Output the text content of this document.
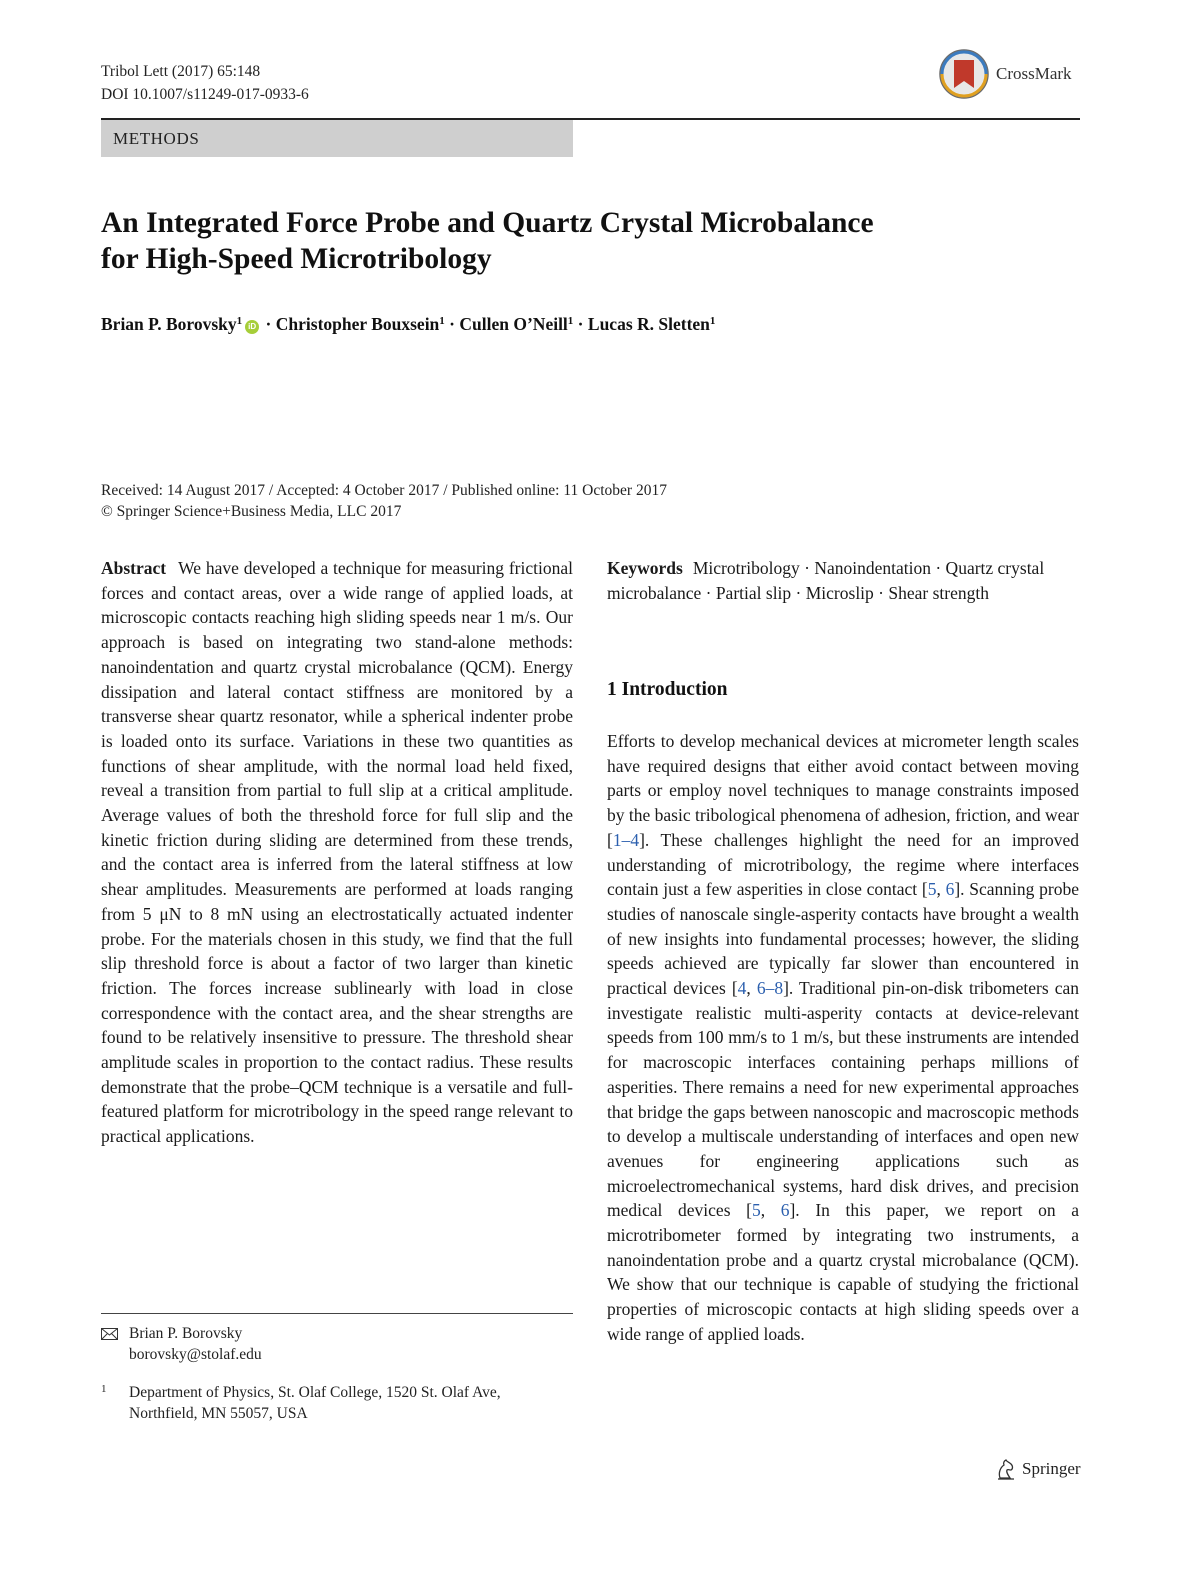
Tribol Lett (2017) 65:148
DOI 10.1007/s11249-017-0933-6
CrossMark
METHODS
An Integrated Force Probe and Quartz Crystal Microbalance
for High-Speed Microtribology
Brian P. Borovsky$^1$ iD · Christopher Bouxsein$^1$ · Cullen O’Neill$^1$ · Lucas R. Sletten$^1$
Received: 14 August 2017 / Accepted: 4 October 2017 / Published online: 11 October 2017
© Springer Science+Business Media, LLC 2017

Abstract We have developed a technique for measuring frictional forces and contact areas, over a wide range of applied loads, at microscopic contacts reaching high sliding speeds near 1 m/s. Our approach is based on integrating two stand-alone methods: nanoindentation and quartz crystal microbalance (QCM). Energy dissipation and lateral contact stiffness are monitored by a transverse shear quartz resonator, while a spherical indenter probe is loaded onto its surface. Variations in these two quantities as functions of shear amplitude, with the normal load held fixed, reveal a transition from partial to full slip at a critical amplitude. Average values of both the threshold force for full slip and the kinetic friction during sliding are determined from these trends, and the contact area is inferred from the lateral stiffness at low shear amplitudes. Measurements are performed at loads ranging from 5 μN to 8 mN using an electrostatically actuated indenter probe. For the materials chosen in this study, we find that the full slip threshold force is about a factor of two larger than kinetic friction. The forces increase sublinearly with load in close correspondence with the contact area, and the shear strengths are found to be relatively insensitive to pressure. The threshold shear amplitude scales in proportion to the contact radius. These results demonstrate that the probe–QCM technique is a versatile and full-featured platform for microtribology in the speed range relevant to practical applications.

Keywords Microtribology · Nanoindentation · Quartz crystal microbalance · Partial slip · Microslip · Shear strength

1 Introduction
Efforts to develop mechanical devices at micrometer length scales have required designs that either avoid contact between moving parts or employ novel techniques to manage constraints imposed by the basic tribological phenomena of adhesion, friction, and wear [1–4]. These challenges highlight the need for an improved understanding of microtribology, the regime where interfaces contain just a few asperities in close contact [5, 6]. Scanning probe studies of nanoscale single-asperity contacts have brought a wealth of new insights into fundamental processes; however, the sliding speeds achieved are typically far slower than encountered in practical devices [4, 6–8]. Traditional pin-on-disk tribometers can investigate realistic multi-asperity contacts at device-relevant speeds from 100 mm/s to 1 m/s, but these instruments are intended for macroscopic interfaces containing perhaps millions of asperities. There remains a need for new experimental approaches that bridge the gaps between nanoscopic and macroscopic methods to develop a multiscale understanding of interfaces and open new avenues for engineering applications such as microelectromechanical systems, hard disk drives, and precision medical devices [5, 6]. In this paper, we report on a microtribometer formed by integrating two instruments, a nanoindentation probe and a quartz crystal microbalance (QCM). We show that our technique is capable of studying the frictional properties of microscopic contacts at high sliding speeds over a wide range of applied loads.
Brian P. Borovsky
borovsky@stolaf.edu
1 Department of Physics, St. Olaf College, 1520 St. Olaf Ave,
Northfield, MN 55057, USA
Springer
